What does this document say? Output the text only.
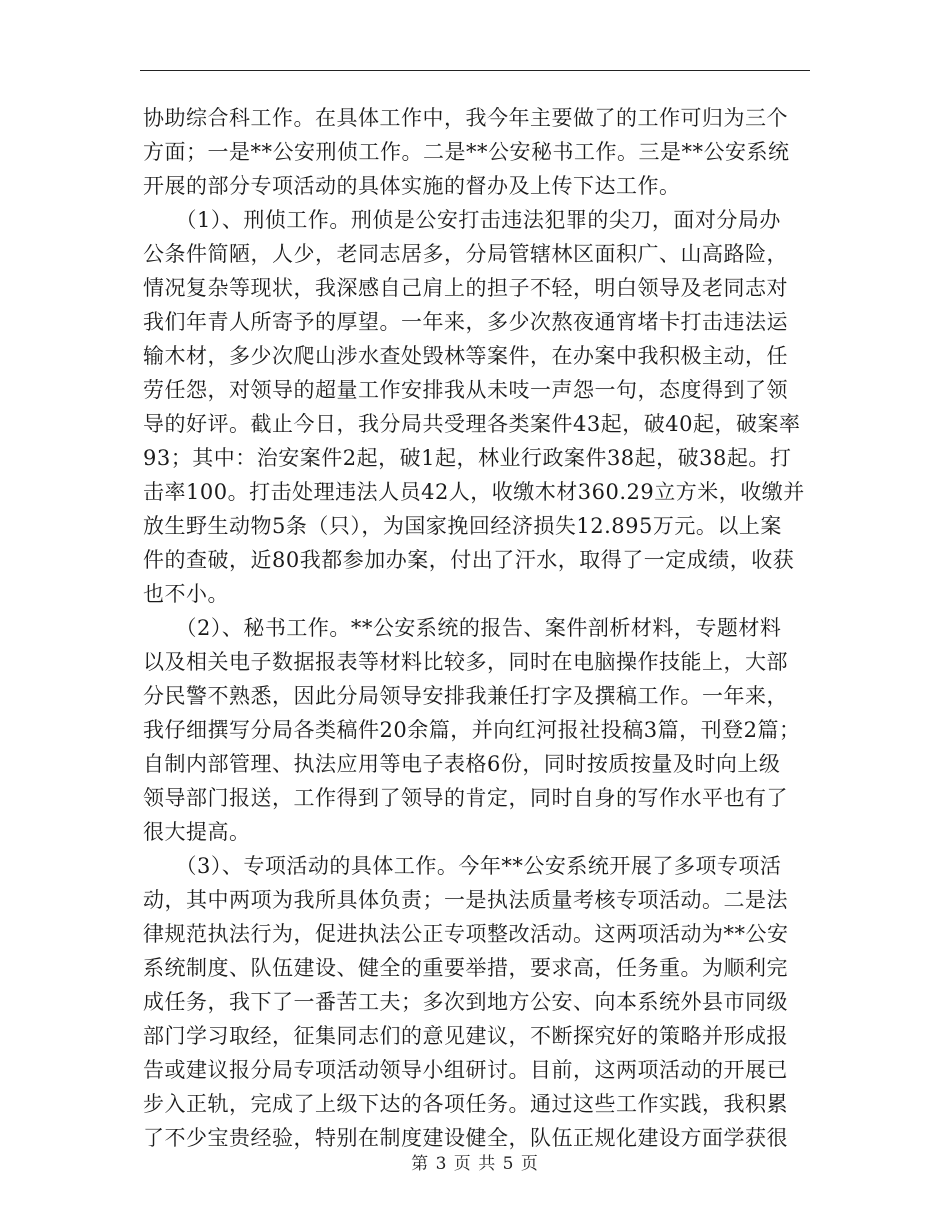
协助综合科工作。在具体工作中，我今年主要做了的工作可归为三个
方面；一是**公安刑侦工作。二是**公安秘书工作。三是**公安系统
开展的部分专项活动的具体实施的督办及上传下达工作。
　　（1）、刑侦工作。刑侦是公安打击违法犯罪的尖刀，面对分局办
公条件简陋，人少，老同志居多，分局管辖林区面积广、山高路险，
情况复杂等现状，我深感自己肩上的担子不轻，明白领导及老同志对
我们年青人所寄予的厚望。一年来，多少次熬夜通宵堵卡打击违法运
输木材，多少次爬山涉水查处毁林等案件，在办案中我积极主动，任
劳任怨，对领导的超量工作安排我从未吱一声怨一句，态度得到了领
导的好评。截止今日，我分局共受理各类案件43起，破40起，破案率
93；其中：治安案件2起，破1起，林业行政案件38起，破38起。打
击率100。打击处理违法人员42人，收缴木材360.29立方米，收缴并
放生野生动物5条（只），为国家挽回经济损失12.895万元。以上案
件的查破，近80我都参加办案，付出了汗水，取得了一定成绩，收获
也不小。
　　（2）、秘书工作。**公安系统的报告、案件剖析材料，专题材料
以及相关电子数据报表等材料比较多，同时在电脑操作技能上，大部
分民警不熟悉，因此分局领导安排我兼任打字及撰稿工作。一年来，
我仔细撰写分局各类稿件20余篇，并向红河报社投稿3篇，刊登2篇；
自制内部管理、执法应用等电子表格6份，同时按质按量及时向上级
领导部门报送，工作得到了领导的肯定，同时自身的写作水平也有了
很大提高。
　　（3）、专项活动的具体工作。今年**公安系统开展了多项专项活
动，其中两项为我所具体负责；一是执法质量考核专项活动。二是法
律规范执法行为，促进执法公正专项整改活动。这两项活动为**公安
系统制度、队伍建设、健全的重要举措，要求高，任务重。为顺利完
成任务，我下了一番苦工夫；多次到地方公安、向本系统外县市同级
部门学习取经，征集同志们的意见建议，不断探究好的策略并形成报
告或建议报分局专项活动领导小组研讨。目前，这两项活动的开展已
步入正轨，完成了上级下达的各项任务。通过这些工作实践，我积累
了不少宝贵经验，特别在制度建设健全，队伍正规化建设方面学获很
第 3 页 共 5 页
